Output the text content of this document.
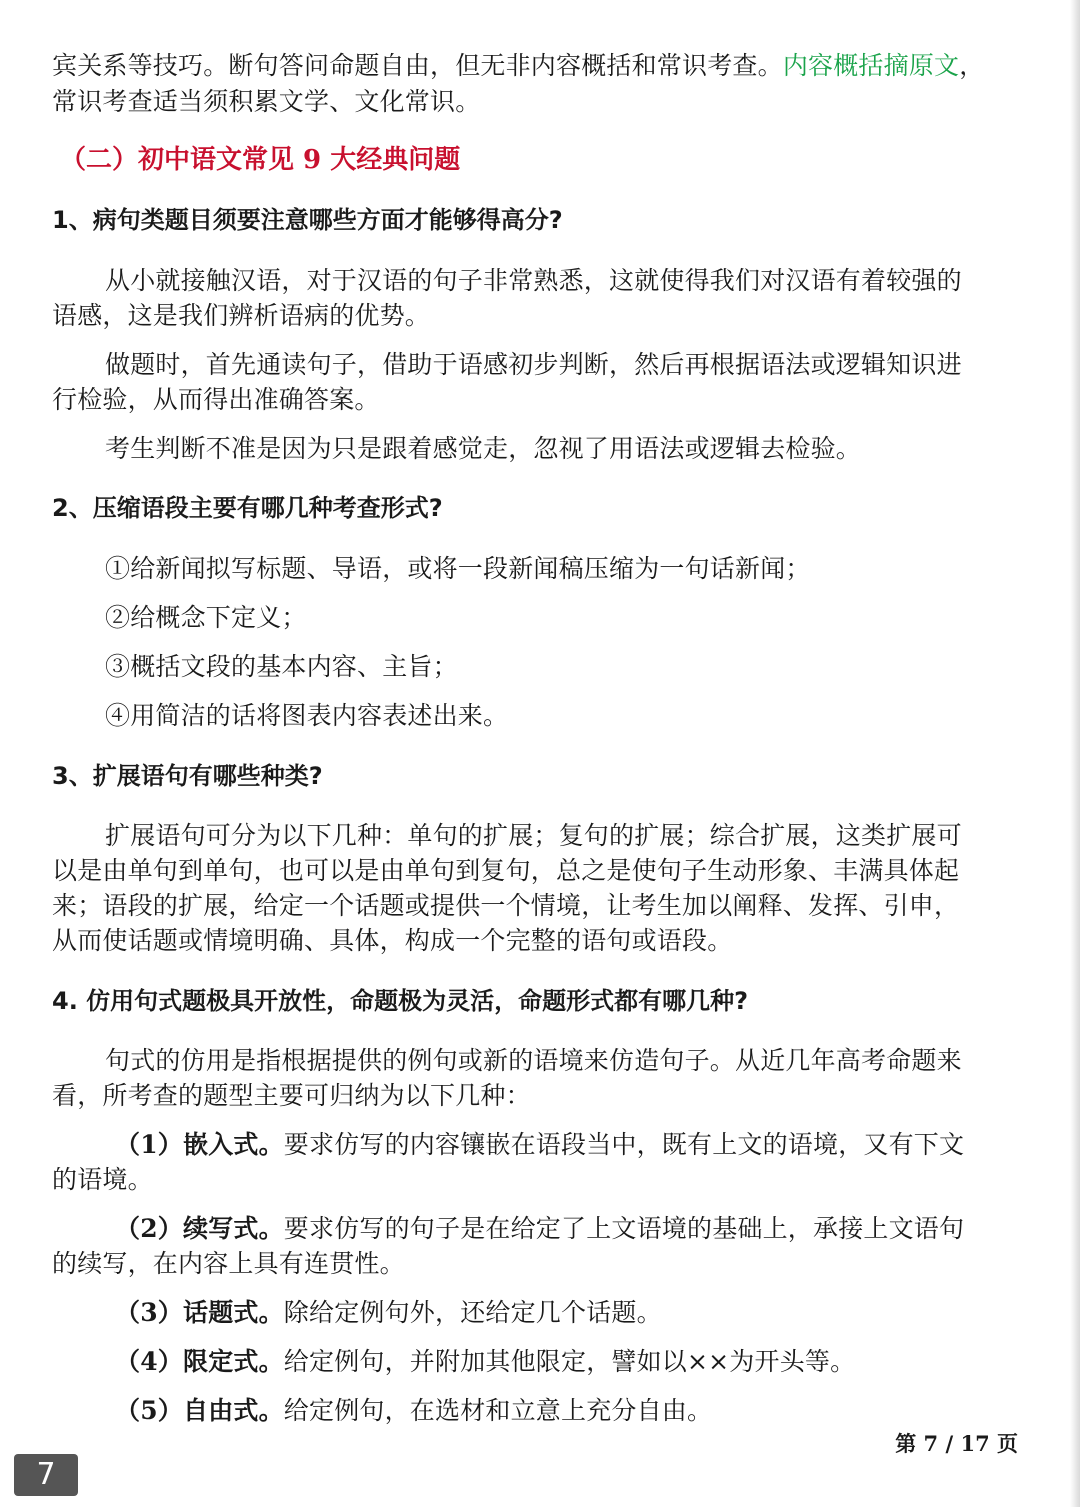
宾关系等技巧。断句答问命题自由，但无非内容概括和常识考查。内容概括摘原文，
常识考查适当须积累文学、文化常识。
（二）初中语文常见 9 大经典问题
1、病句类题目须要注意哪些方面才能够得高分?
从小就接触汉语，对于汉语的句子非常熟悉，这就使得我们对汉语有着较强的
语感，这是我们辨析语病的优势。
做题时，首先通读句子，借助于语感初步判断，然后再根据语法或逻辑知识进
行检验，从而得出准确答案。
考生判断不准是因为只是跟着感觉走，忽视了用语法或逻辑去检验。
2、压缩语段主要有哪几种考查形式?
①给新闻拟写标题、导语，或将一段新闻稿压缩为一句话新闻；
②给概念下定义；
③概括文段的基本内容、主旨；
④用简洁的话将图表内容表述出来。
3、扩展语句有哪些种类?
扩展语句可分为以下几种：单句的扩展；复句的扩展；综合扩展，这类扩展可
以是由单句到单句，也可以是由单句到复句，总之是使句子生动形象、丰满具体起
来；语段的扩展，给定一个话题或提供一个情境，让考生加以阐释、发挥、引申，
从而使话题或情境明确、具体，构成一个完整的语句或语段。
4. 仿用句式题极具开放性，命题极为灵活，命题形式都有哪几种?
句式的仿用是指根据提供的例句或新的语境来仿造句子。从近几年高考命题来
看，所考查的题型主要可归纳为以下几种：
（1）嵌入式。要求仿写的内容镶嵌在语段当中，既有上文的语境，又有下文
的语境。
（2）续写式。要求仿写的句子是在给定了上文语境的基础上，承接上文语句
的续写，在内容上具有连贯性。
（3）话题式。除给定例句外，还给定几个话题。
（4）限定式。给定例句，并附加其他限定，譬如以××为开头等。
（5）自由式。给定例句，在选材和立意上充分自由。
第 7 / 17 页
7
